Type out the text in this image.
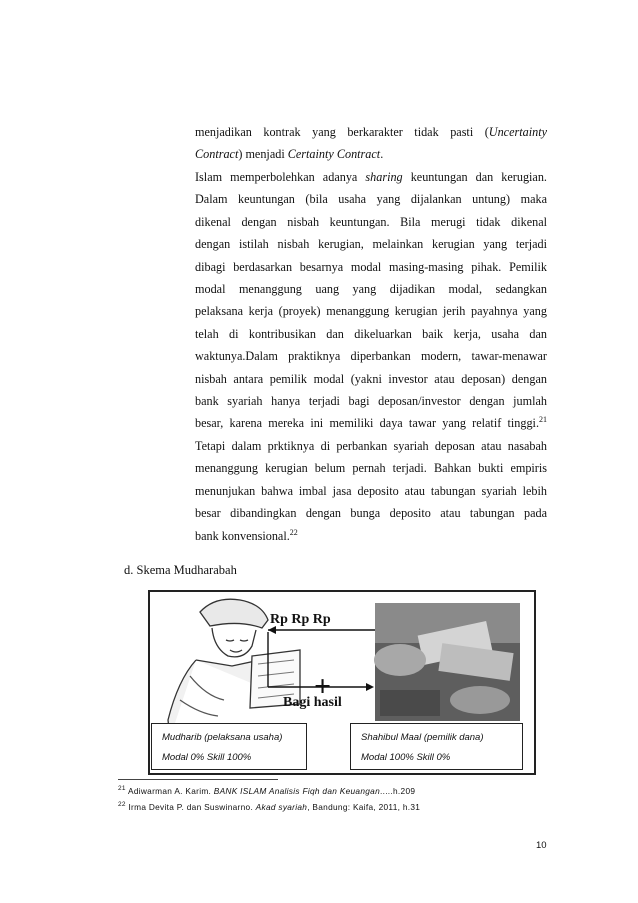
menjadikan kontrak yang berkarakter tidak pasti (Uncertainty
Contract) menjadi Certainty Contract.
Islam memperbolehkan adanya sharing keuntungan dan kerugian.
Dalam keuntungan (bila usaha yang dijalankan untung) maka
dikenal dengan nisbah keuntungan. Bila merugi tidak dikenal
dengan istilah nisbah kerugian, melainkan kerugian yang terjadi
dibagi berdasarkan besarnya modal masing-masing pihak. Pemilik
modal menanggung uang yang dijadikan modal, sedangkan
pelaksana kerja (proyek) menanggung kerugian jerih payahnya yang
telah di kontribusikan dan dikeluarkan baik kerja, usaha dan
waktunya.Dalam praktiknya diperbankan modern, tawar-menawar
nisbah antara pemilik modal (yakni investor atau deposan) dengan
bank syariah hanya terjadi bagi deposan/investor dengan jumlah
besar, karena mereka ini memiliki daya tawar yang relatif tinggi.$^{21}$
Tetapi dalam prktiknya di perbankan syariah deposan atau nasabah
menanggung kerugian belum pernah terjadi. Bahkan bukti empiris
menunjukan bahwa imbal jasa deposito atau tabungan syariah lebih
besar dibandingkan dengan bunga deposito atau tabungan pada
bank konvensional.$^{22}$
d. Skema Mudharabah
Rp Rp Rp
+
Bagi hasil
Mudharib (pelaksana usaha)
Modal 0% Skill 100%
Shahibul Maal (pemilik dana)
Modal 100% Skill 0%
$^{21}$ Adiwarman A. Karim. BANK ISLAM Analisis Fiqh dan Keuangan.....h.209
$^{22}$ Irma Devita P. dan Suswinarno. Akad syariah, Bandung: Kaifa, 2011, h.31
10
